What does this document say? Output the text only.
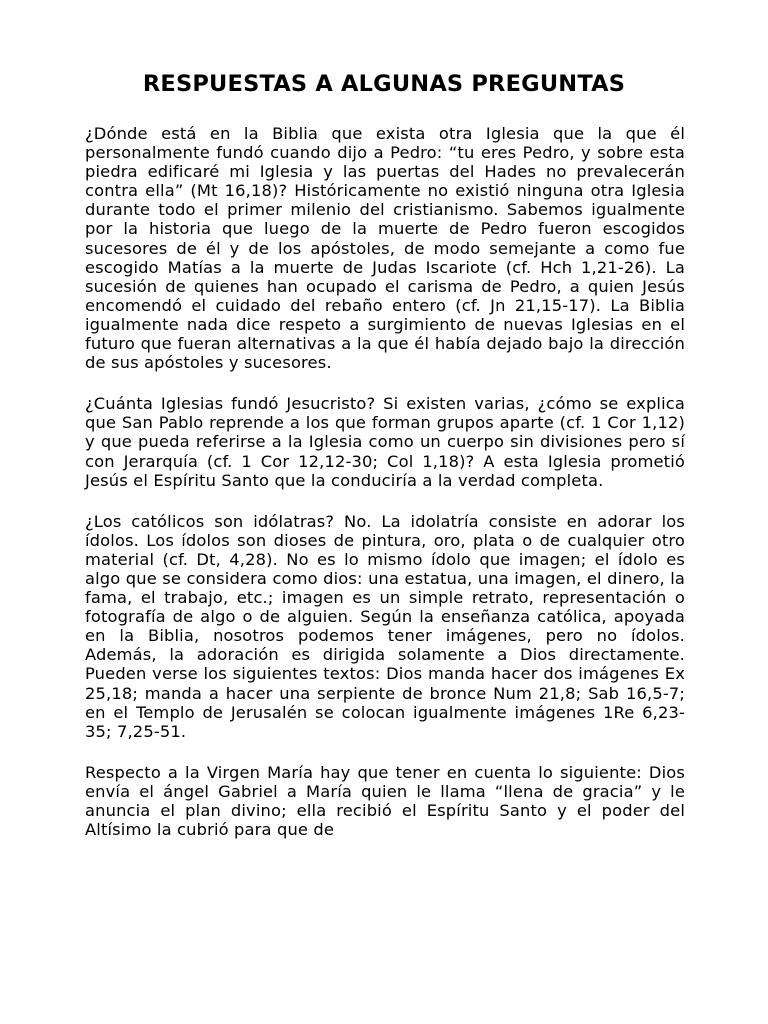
RESPUESTAS A ALGUNAS PREGUNTAS

¿Dónde está en la Biblia que exista otra Iglesia que la que él personalmente fundó cuando dijo a Pedro: “tu eres Pedro, y sobre esta piedra edificaré mi Iglesia y las puertas del Hades no prevalecerán contra ella” (Mt 16,18)? Históricamente no existió ninguna otra Iglesia durante todo el primer milenio del cristianismo. Sabemos igualmente por la historia que luego de la muerte de Pedro fueron escogidos sucesores de él y de los apóstoles, de modo semejante a como fue escogido Matías a la muerte de Judas Iscariote (cf. Hch 1,21-26). La sucesión de quienes han ocupado el carisma de Pedro, a quien Jesús encomendó el cuidado del rebaño entero (cf. Jn 21,15-17). La Biblia igualmente nada dice respeto a surgimiento de nuevas Iglesias en el futuro que fueran alternativas a la que él había dejado bajo la dirección de sus apóstoles y sucesores.

¿Cuánta Iglesias fundó Jesucristo? Si existen varias, ¿cómo se explica que San Pablo reprende a los que forman grupos aparte (cf. 1 Cor 1,12) y que pueda referirse a la Iglesia como un cuerpo sin divisiones pero sí con Jerarquía (cf. 1 Cor 12,12-30; Col 1,18)? A esta Iglesia prometió Jesús el Espíritu Santo que la conduciría a la verdad completa.

¿Los católicos son idólatras? No. La idolatría consiste en adorar los ídolos. Los ídolos son dioses de pintura, oro, plata o de cualquier otro material (cf. Dt, 4,28). No es lo mismo ídolo que imagen; el ídolo es algo que se considera como dios: una estatua, una imagen, el dinero, la fama, el trabajo, etc.; imagen es un simple retrato, representación o fotografía de algo o de alguien. Según la enseñanza católica, apoyada en la Biblia, nosotros podemos tener imágenes, pero no ídolos. Además, la adoración es dirigida solamente a Dios directamente. Pueden verse los siguientes textos: Dios manda hacer dos imágenes Ex 25,18; manda a hacer una serpiente de bronce Num 21,8; Sab 16,5-7; en el Templo de Jerusalén se colocan igualmente imágenes 1Re 6,23-35; 7,25-51.

Respecto a la Virgen María hay que tener en cuenta lo siguiente: Dios envía el ángel Gabriel a María quien le llama “llena de gracia” y le anuncia el plan divino; ella recibió el Espíritu Santo y el poder del Altísimo la cubrió para que de
